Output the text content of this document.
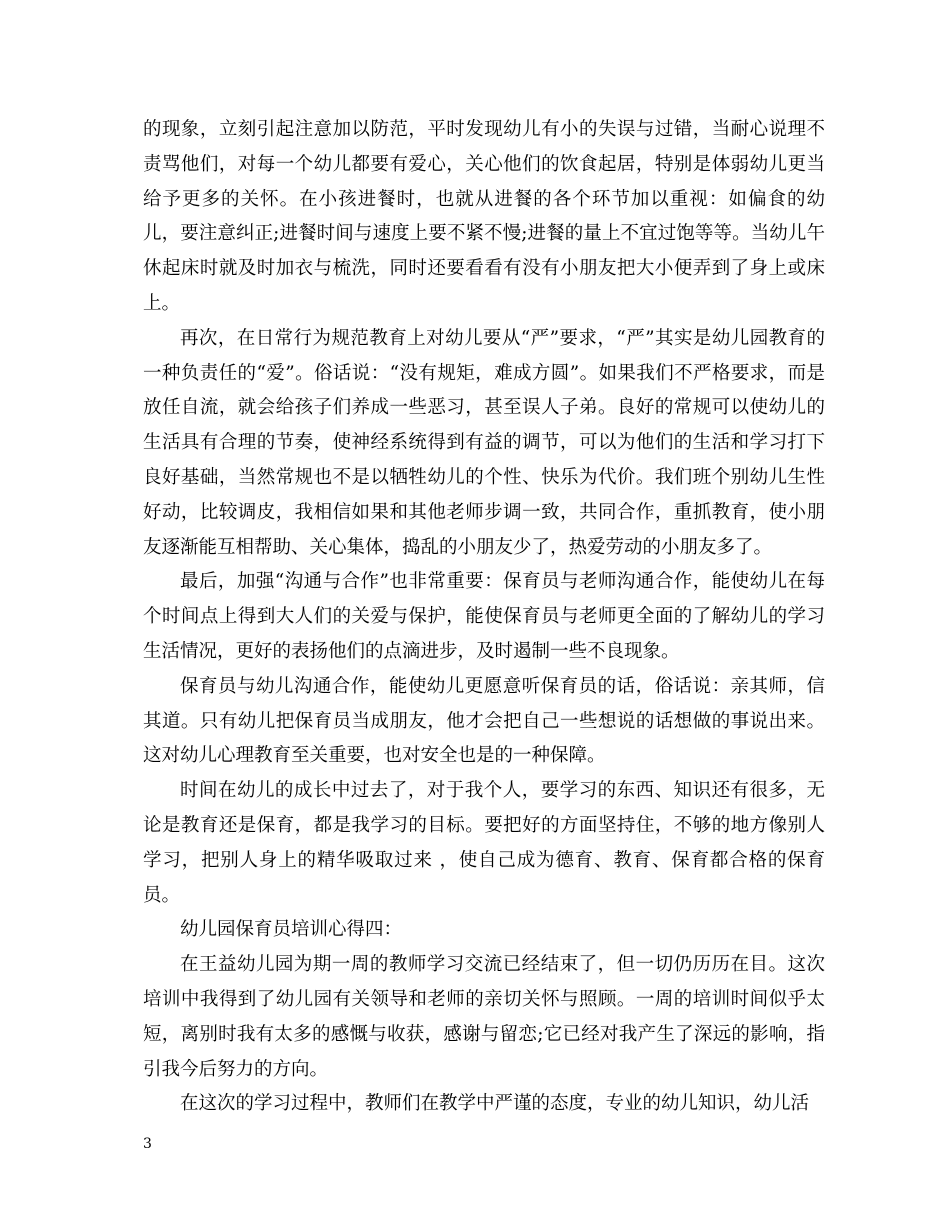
的现象，立刻引起注意加以防范，平时发现幼儿有小的失误与过错，当耐心说理不责骂他们，对每一个幼儿都要有爱心，关心他们的饮食起居，特别是体弱幼儿更当给予更多的关怀。在小孩进餐时，也就从进餐的各个环节加以重视：如偏食的幼儿，要注意纠正;进餐时间与速度上要不紧不慢;进餐的量上不宜过饱等等。当幼儿午休起床时就及时加衣与梳洗，同时还要看看有没有小朋友把大小便弄到了身上或床上。

再次，在日常行为规范教育上对幼儿要从“严”要求，“严”其实是幼儿园教育的一种负责任的“爱”。俗话说：“没有规矩，难成方圆”。如果我们不严格要求，而是放任自流，就会给孩子们养成一些恶习，甚至误人子弟。良好的常规可以使幼儿的生活具有合理的节奏，使神经系统得到有益的调节，可以为他们的生活和学习打下良好基础，当然常规也不是以牺牲幼儿的个性、快乐为代价。我们班个别幼儿生性好动，比较调皮，我相信如果和其他老师步调一致，共同合作，重抓教育，使小朋友逐渐能互相帮助、关心集体，捣乱的小朋友少了，热爱劳动的小朋友多了。

最后，加强“沟通与合作”也非常重要：保育员与老师沟通合作，能使幼儿在每个时间点上得到大人们的关爱与保护，能使保育员与老师更全面的了解幼儿的学习生活情况，更好的表扬他们的点滴进步，及时遏制一些不良现象。

保育员与幼儿沟通合作，能使幼儿更愿意听保育员的话，俗话说：亲其师，信其道。只有幼儿把保育员当成朋友，他才会把自己一些想说的话想做的事说出来。这对幼儿心理教育至关重要，也对安全也是的一种保障。

时间在幼儿的成长中过去了，对于我个人，要学习的东西、知识还有很多，无论是教育还是保育，都是我学习的目标。要把好的方面坚持住，不够的地方像别人学习，把别人身上的精华吸取过来 ，使自己成为德育、教育、保育都合格的保育员。

幼儿园保育员培训心得四：

在王益幼儿园为期一周的教师学习交流已经结束了，但一切仍历历在目。这次培训中我得到了幼儿园有关领导和老师的亲切关怀与照顾。一周的培训时间似乎太短，离别时我有太多的感慨与收获，感谢与留恋;它已经对我产生了深远的影响，指引我今后努力的方向。

在这次的学习过程中，教师们在教学中严谨的态度，专业的幼儿知识，幼儿活

3
